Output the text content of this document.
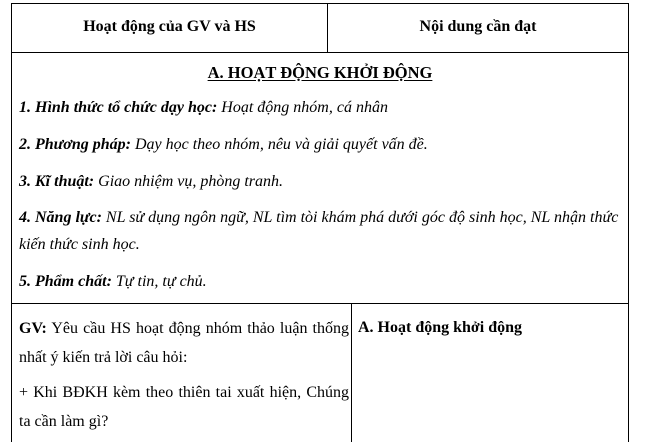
Hoạt động của GV và HS	Nội dung cần đạt
A. HOẠT ĐỘNG KHỞI ĐỘNG
1. Hình thức tổ chức dạy học: Hoạt động nhóm, cá nhân
2. Phương pháp: Dạy học theo nhóm, nêu và giải quyết vấn đề.
3. Kĩ thuật: Giao nhiệm vụ, phòng tranh.
4. Năng lực: NL sử dụng ngôn ngữ, NL tìm tòi khám phá dưới góc độ sinh học, NL nhận thức kiến thức sinh học.
5. Phẩm chất: Tự tin, tự chủ.

GV: Yêu cầu HS hoạt động nhóm thảo luận thống nhất ý kiến trả lời câu hỏi:

+ Khi BĐKH kèm theo thiên tai xuất hiện, Chúng ta cần làm gì?

A. Hoạt động khởi động
